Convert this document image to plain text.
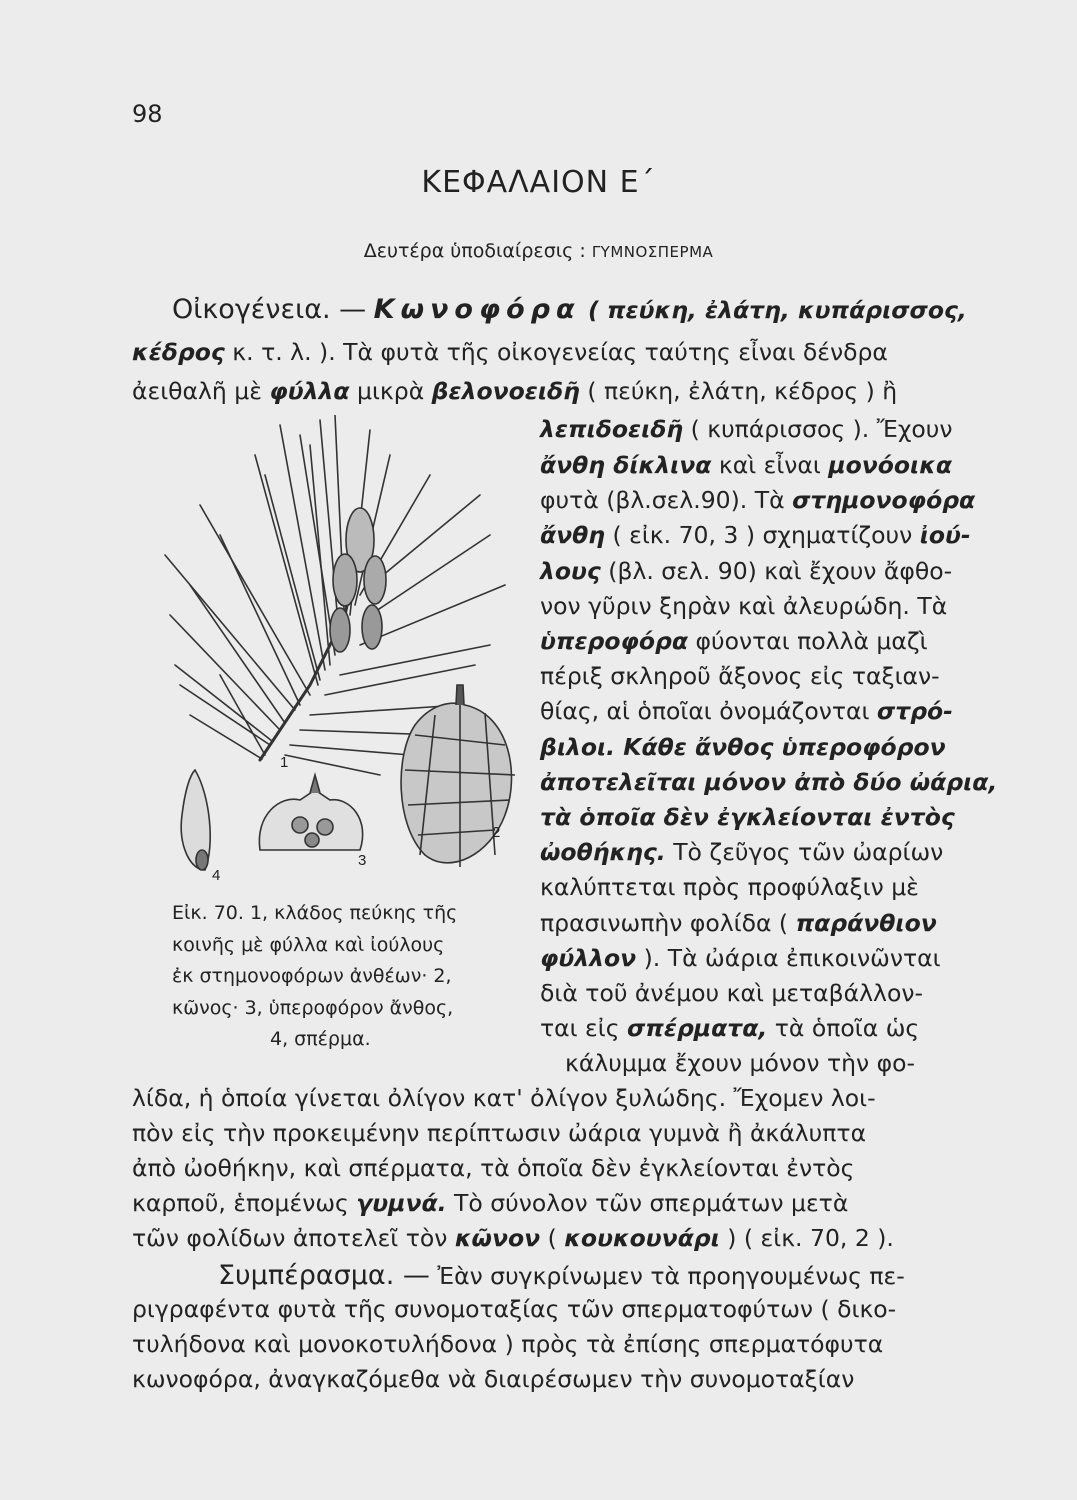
98
ΚΕΦΑΛΑΙΟΝ Ε΄
Δευτέρα ὑποδιαίρεσις : ΓΥΜΝΟΣΠΕΡΜΑ
Οἰκογένεια. — Κωνοφόρα ( πεύκη, ἐλάτη, κυπάρισσος,
κέδρος κ. τ. λ. ). Τὰ φυτὰ τῆς οἰκογενείας ταύτης εἶναι δένδρα
ἀειθαλῆ μὲ φύλλα μικρὰ βελονοειδῆ ( πεύκη, ἐλάτη, κέδρος ) ἢ
λεπιδοειδῆ ( κυπάρισσος ). Ἔχουν
ἄνθη δίκλινα καὶ εἶναι μονόοικα
φυτὰ (βλ.σελ.90). Τὰ στημονοφόρα
ἄνθη ( εἰκ. 70, 3 ) σχηματίζουν ἰού-
λους (βλ. σελ. 90) καὶ ἔχουν ἄφθο-
νον γῦριν ξηρὰν καὶ ἀλευρώδη. Τὰ
ὑπεροφόρα φύονται πολλὰ μαζὶ
πέριξ σκληροῦ ἄξονος εἰς ταξιαν-
θίας, αἱ ὁποῖαι ὀνομάζονται στρό-
βιλοι. Κάθε ἄνθος ὑπεροφόρον
ἀποτελεῖται μόνον ἀπὸ δύο ὠάρια,
τὰ ὁποῖα δὲν ἐγκλείονται ἐντὸς
ὠοθήκης. Τὸ ζεῦγος τῶν ὠαρίων
καλύπτεται πρὸς προφύλαξιν μὲ
πρασινωπὴν φολίδα ( παράνθιον
φύλλον ). Τὰ ὠάρια ἐπικοινῶνται
διὰ τοῦ ἀνέμου καὶ μεταβάλλον-
ται εἰς σπέρματα, τὰ ὁποῖα ὡς
κάλυμμα ἔχουν μόνον τὴν φο-
λίδα, ἡ ὁποία γίνεται ὀλίγον κατ' ὀλίγον ξυλώδης. Ἔχομεν λοι-
πὸν εἰς τὴν προκειμένην περίπτωσιν ὠάρια γυμνὰ ἢ ἀκάλυπτα
ἀπὸ ὠοθήκην, καὶ σπέρματα, τὰ ὁποῖα δὲν ἐγκλείονται ἐντὸς
καρποῦ, ἑπομένως γυμνά. Τὸ σύνολον τῶν σπερμάτων μετὰ
τῶν φολίδων ἀποτελεῖ τὸν κῶνον ( κουκουνάρι ) ( εἰκ. 70, 2 ).
Συμπέρασμα. — Ἐὰν συγκρίνωμεν τὰ προηγουμένως πε-
ριγραφέντα φυτὰ τῆς συνομοταξίας τῶν σπερματοφύτων ( δικο-
τυλήδονα καὶ μονοκοτυλήδονα ) πρὸς τὰ ἐπίσης σπερματόφυτα
κωνοφόρα, ἀναγκαζόμεθα νὰ διαιρέσωμεν τὴν συνομοταξίαν
1
2
3
4
Εἰκ. 70. 1, κλάδος πεύκης τῆς
κοινῆς μὲ φύλλα καὶ ἰούλους
ἐκ στημονοφόρων ἀνθέων· 2,
κῶνος· 3, ὑπεροφόρον ἄνθος,
4, σπέρμα.
